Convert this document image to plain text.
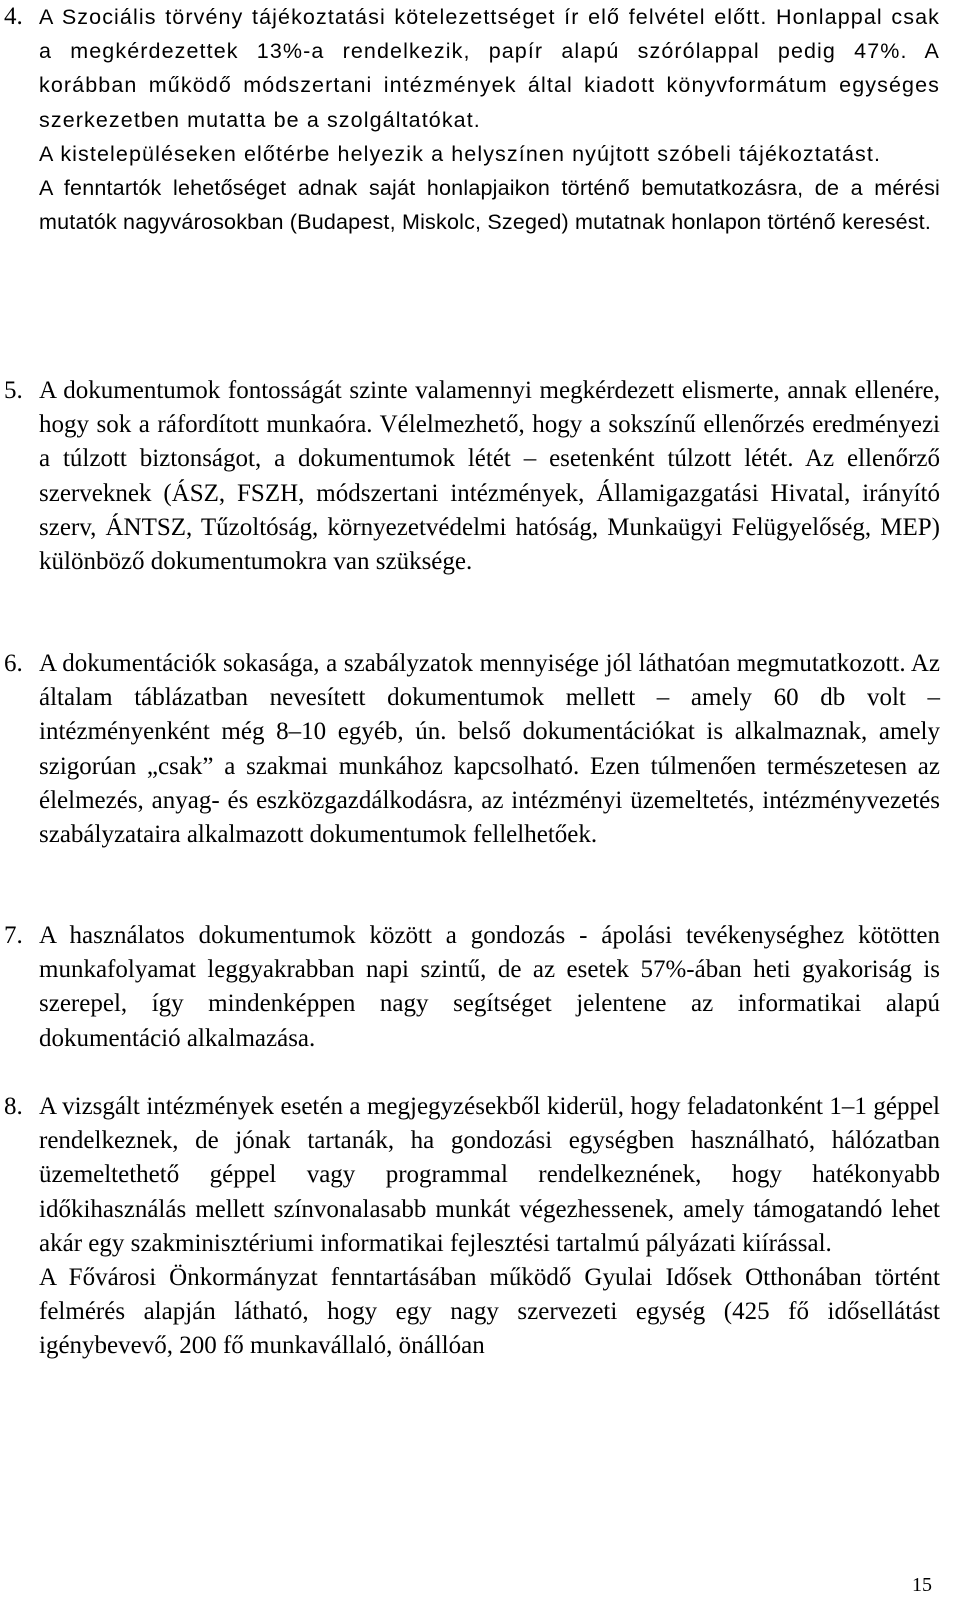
4. A Szociális törvény tájékoztatási kötelezettséget ír elő felvétel előtt. Honlappal csak a megkérdezettek 13%-a rendelkezik, papír alapú szórólappal pedig 47%. A korábban működő módszertani intézmények által kiadott könyvformátum egységes szerkezetben mutatta be a szolgáltatókat.

A kistelepüléseken előtérbe helyezik a helyszínen nyújtott szóbeli tájékoztatást.

A fenntartók lehetőséget adnak saját honlapjaikon történő bemutatkozásra, de a mérési mutatók nagyvárosokban (Budapest, Miskolc, Szeged) mutatnak honlapon történő keresést.

5. A dokumentumok fontosságát szinte valamennyi megkérdezett elismerte, annak ellenére, hogy sok a ráfordított munkaóra. Vélelmezhető, hogy a sokszínű ellenőrzés eredményezi a túlzott biztonságot, a dokumentumok létét – esetenként túlzott létét. Az ellenőrző szerveknek (ÁSZ, FSZH, módszertani intézmények, Államigazgatási Hivatal, irányító szerv, ÁNTSZ, Tűzoltóság, környezetvédelmi hatóság, Munkaügyi Felügyelőség, MEP) különböző dokumentumokra van szüksége.

6. A dokumentációk sokasága, a szabályzatok mennyisége jól láthatóan megmutatkozott. Az általam táblázatban nevesített dokumentumok mellett – amely 60 db volt – intézményenként még 8–10 egyéb, ún. belső dokumentációkat is alkalmaznak, amely szigorúan „csak” a szakmai munkához kapcsolható. Ezen túlmenően természetesen az élelmezés, anyag- és eszközgazdálkodásra, az intézményi üzemeltetés, intézményvezetés szabályzataira alkalmazott dokumentumok fellelhetőek.

7. A használatos dokumentumok között a gondozás - ápolási tevékenységhez kötötten munkafolyamat leggyakrabban napi szintű, de az esetek 57%-ában heti gyakoriság is szerepel, így mindenképpen nagy segítséget jelentene az informatikai alapú dokumentáció alkalmazása.

8. A vizsgált intézmények esetén a megjegyzésekből kiderül, hogy feladatonként 1–1 géppel rendelkeznek, de jónak tartanák, ha gondozási egységben használható, hálózatban üzemeltethető géppel vagy programmal rendelkeznének, hogy hatékonyabb időkihasználás mellett színvonalasabb munkát végezhessenek, amely támogatandó lehet akár egy szakminisztériumi informatikai fejlesztési tartalmú pályázati kiírással.

A Fővárosi Önkormányzat fenntartásában működő Gyulai Idősek Otthonában történt felmérés alapján látható, hogy egy nagy szervezeti egység (425 fő idősellátást igénybevevő, 200 fő munkavállaló, önállóan

15
